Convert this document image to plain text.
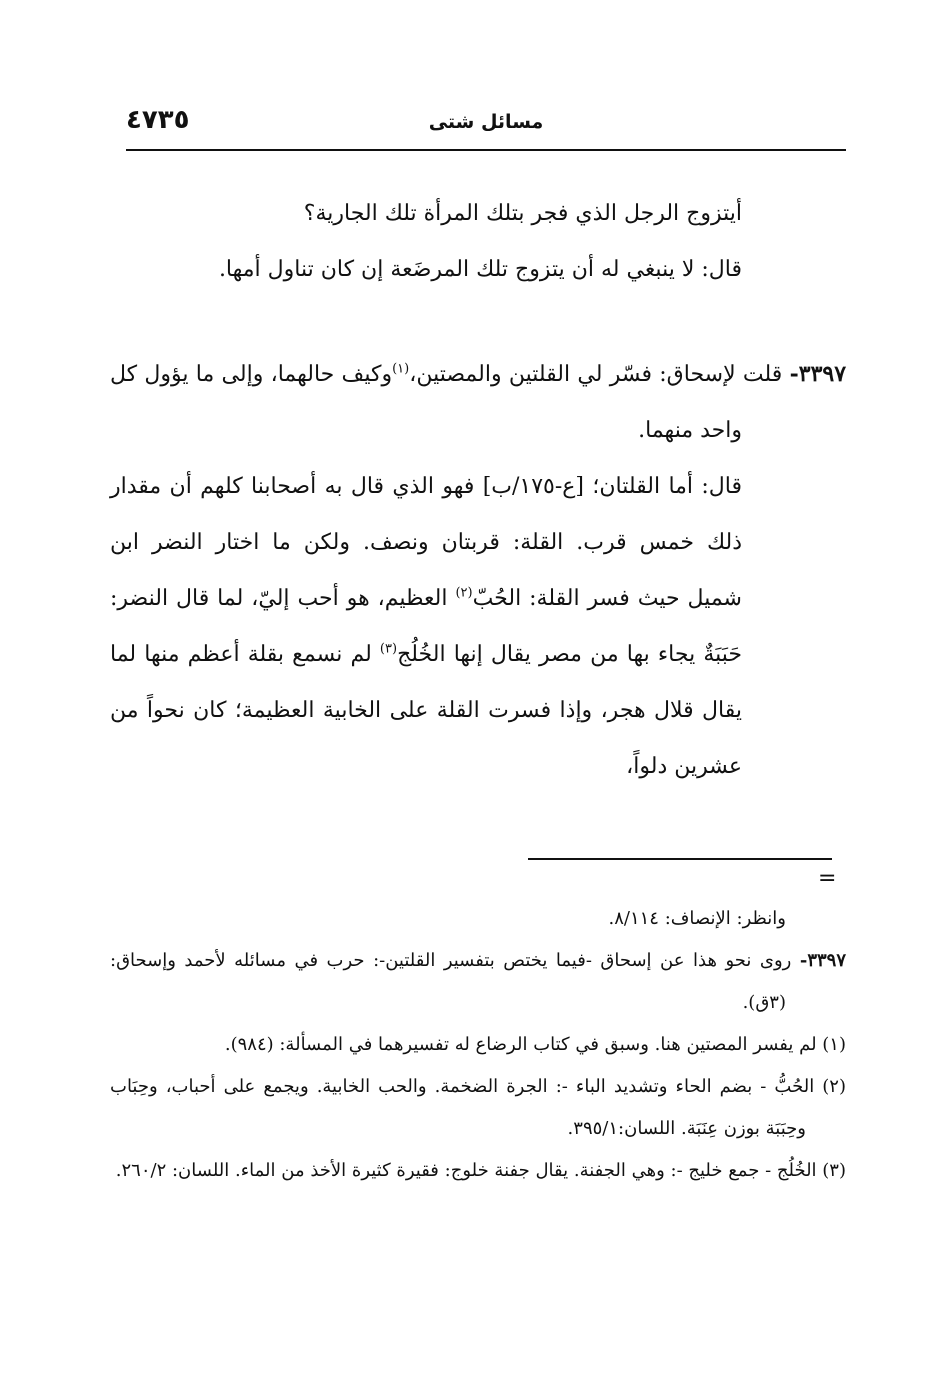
٤٧٣٥	مسائل شتى

أيتزوج الرجل الذي فجر بتلك المرأة تلك الجارية؟

قال: لا ينبغي له أن يتزوج تلك المرضَعة إن كان تناول أمها.

٣٣٩٧- قلت لإسحاق: فسّر لي القلتين والمصتين،$^{(١)}$وكيف حالهما، وإلى ما يؤول كل واحد منهما.

قال: أما القلتان؛ [ع-١٧٥/ب] فهو الذي قال به أصحابنا كلهم أن مقدار ذلك خمس قرب. القلة: قربتان ونصف. ولكن ما اختار النضر ابن شميل حيث فسر القلة: الحُبّ$^{(٢)}$ العظيم، هو أحب إليّ، لما قال النضر: حَبَبَةٌ يجاء بها من مصر يقال إنها الخُلُج$^{(٣)}$ لم نسمع بقلة أعظم منها لما يقال قلال هجر، وإذا فسرت القلة على الخابية العظيمة؛ كان نحواً من عشرين دلواً،

=

وانظر: الإنصاف: ٨/١١٤.

٣٣٩٧- روى نحو هذا عن إسحاق -فيما يختص بتفسير القلتين-: حرب في مسائله لأحمد وإسحاق: (٣ق).

(١) لم يفسر المصتين هنا. وسبق في كتاب الرضاع له تفسيرهما في المسألة: (٩٨٤).

(٢) الحُبُّ - بضم الحاء وتشديد الباء -: الجرة الضخمة. والحب الخابية. ويجمع على أحباب، وحِبَاب وحِبَبَة بوزن عِنَبَة. اللسان:٣٩٥/١.

(٣) الخُلُج - جمع خليج -: وهي الجفنة. يقال جفنة خلوج: فقيرة كثيرة الأخذ من الماء. اللسان: ٢٦٠/٢.
